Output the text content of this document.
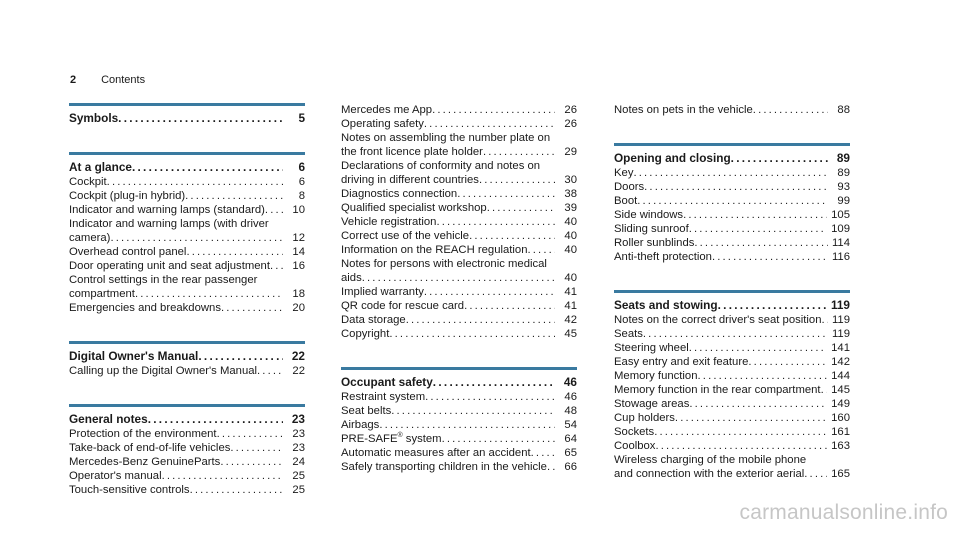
2 Contents
Symbols . . .	5
At a glance . . .	6
Cockpit . . .	6
Cockpit (plug-in hybrid) . . .	8
Indicator and warning lamps (standard) . . .	10
Indicator and warning lamps (with driver
camera) . . .	12
Overhead control panel . . .	14
Door operating unit and seat adjustment . . .	16
Control settings in the rear passenger
compartment . . .	18
Emergencies and breakdowns . . .	20
Digital Owner's Manual . . .	22
Calling up the Digital Owner's Manual . . .	22
General notes . . .	23
Protection of the environment . . .	23
Take-back of end-of-life vehicles . . .	23
Mercedes-Benz GenuineParts . . .	24
Operator's manual . . .	25
Touch-sensitive controls . . .	25
Mercedes me App . . .	26
Operating safety . . .	26
Notes on assembling the number plate on
the front licence plate holder . . .	29
Declarations of conformity and notes on
driving in different countries . . .	30
Diagnostics connection . . .	38
Qualified specialist workshop . . .	39
Vehicle registration . . .	40
Correct use of the vehicle . . .	40
Information on the REACH regulation . . .	40
Notes for persons with electronic medical
aids . . .	40
Implied warranty . . .	41
QR code for rescue card . . .	41
Data storage . . .	42
Copyright . . .	45
Occupant safety . . .	46
Restraint system . . .	46
Seat belts . . .	48
Airbags . . .	54
PRE-SAFE® system . . .	64
Automatic measures after an accident . . .	65
Safely transporting children in the vehicle . . .	66
Notes on pets in the vehicle . . .	88
Opening and closing . . .	89
Key . . .	89
Doors . . .	93
Boot . . .	99
Side windows . . .	105
Sliding sunroof . . .	109
Roller sunblinds . . .	114
Anti-theft protection . . .	116
Seats and stowing . . .	119
Notes on the correct driver's seat position . . . 119
Seats . . .	119
Steering wheel . . .	141
Easy entry and exit feature . . .	142
Memory function . . .	144
Memory function in the rear compartment . . . 145
Stowage areas . . .	149
Cup holders . . .	160
Sockets . . .	161
Coolbox . . .	163
Wireless charging of the mobile phone
and connection with the exterior aerial . . .	165
carmanualsonline.info
